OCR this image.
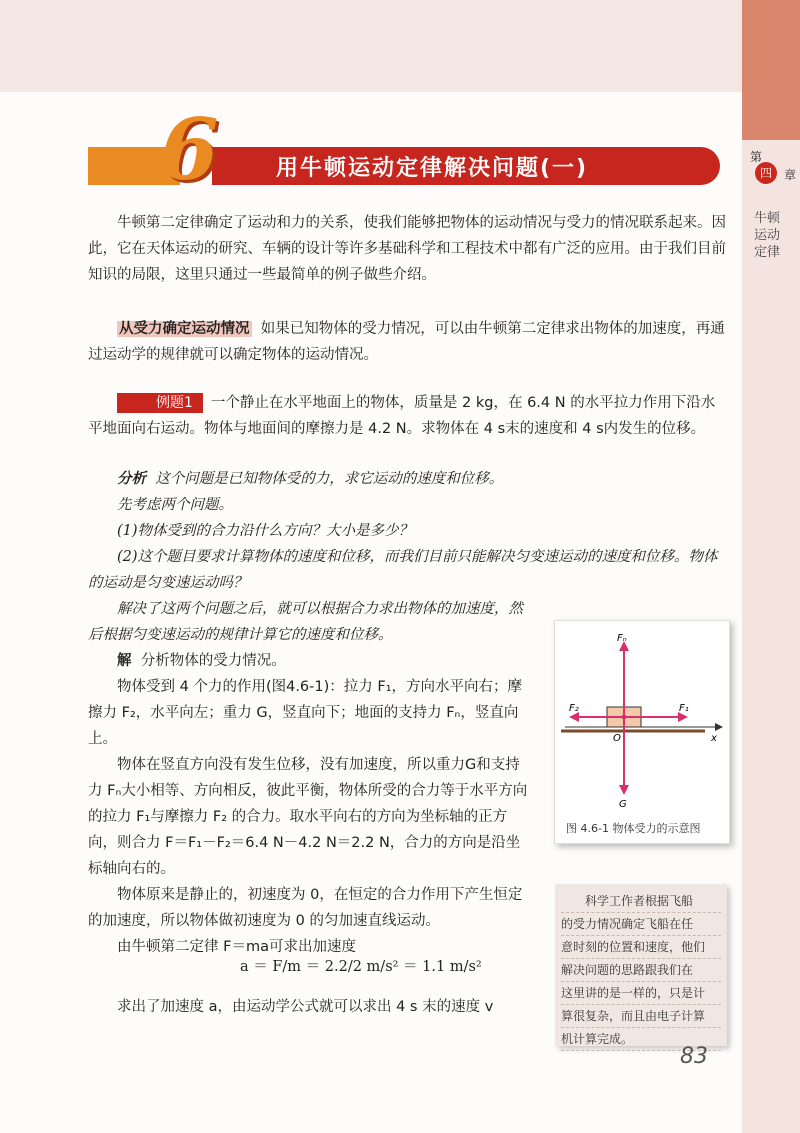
第
四	章
牛顿运动定律
6	用牛顿运动定律解决问题(一)

牛顿第二定律确定了运动和力的关系，使我们能够把物体的运动情况与受力的情况联系起来。因此，它在天体运动的研究、车辆的设计等许多基础科学和工程技术中都有广泛的应用。由于我们目前知识的局限，这里只通过一些最简单的例子做些介绍。

从受力确定运动情况 如果已知物体的受力情况，可以由牛顿第二定律求出物体的加速度，再通过运动学的规律就可以确定物体的运动情况。

例题1 一个静止在水平地面上的物体，质量是 2 kg，在 6.4 N 的水平拉力作用下沿水平地面向右运动。物体与地面间的摩擦力是 4.2 N。求物体在 4 s末的速度和 4 s内发生的位移。

分析 这个问题是已知物体受的力，求它运动的速度和位移。

先考虑两个问题。

(1)物体受到的合力沿什么方向？大小是多少？

(2)这个题目要求计算物体的速度和位移，而我们目前只能解决匀变速运动的速度和位移。物体的运动是匀变速运动吗？

解决了这两个问题之后，就可以根据合力求出物体的加速度，然后根据匀变速运动的规律计算它的速度和位移。

解 分析物体的受力情况。

物体受到 4 个力的作用(图4.6-1)：拉力 F₁，方向水平向右；摩擦力 F₂，水平向左；重力 G，竖直向下；地面的支持力 Fₙ，竖直向上。

物体在竖直方向没有发生位移，没有加速度，所以重力G和支持力 Fₙ大小相等、方向相反，彼此平衡，物体所受的合力等于水平方向的拉力 F₁与摩擦力 F₂ 的合力。取水平向右的方向为坐标轴的正方向，则合力 F＝F₁－F₂＝6.4 N－4.2 N＝2.2 N，合力的方向是沿坐标轴向右的。

物体原来是静止的，初速度为 0，在恒定的合力作用下产生恒定的加速度，所以物体做初速度为 0 的匀加速直线运动。

由牛顿第二定律 F＝ma可求出加速度

a ＝ F/m ＝ 2.2/2 m/s² ＝ 1.1 m/s²

求出了加速度 a，由运动学公式就可以求出 4 s 末的速度 v

Fₙ
F₂	F₁
O	x
G
图 4.6-1 物体受力的示意图
科学工作者根据飞船
的受力情况确定飞船在任
意时刻的位置和速度，他们
解决问题的思路跟我们在
这里讲的是一样的，只是计
算很复杂，而且由电子计算
机计算完成。
83
